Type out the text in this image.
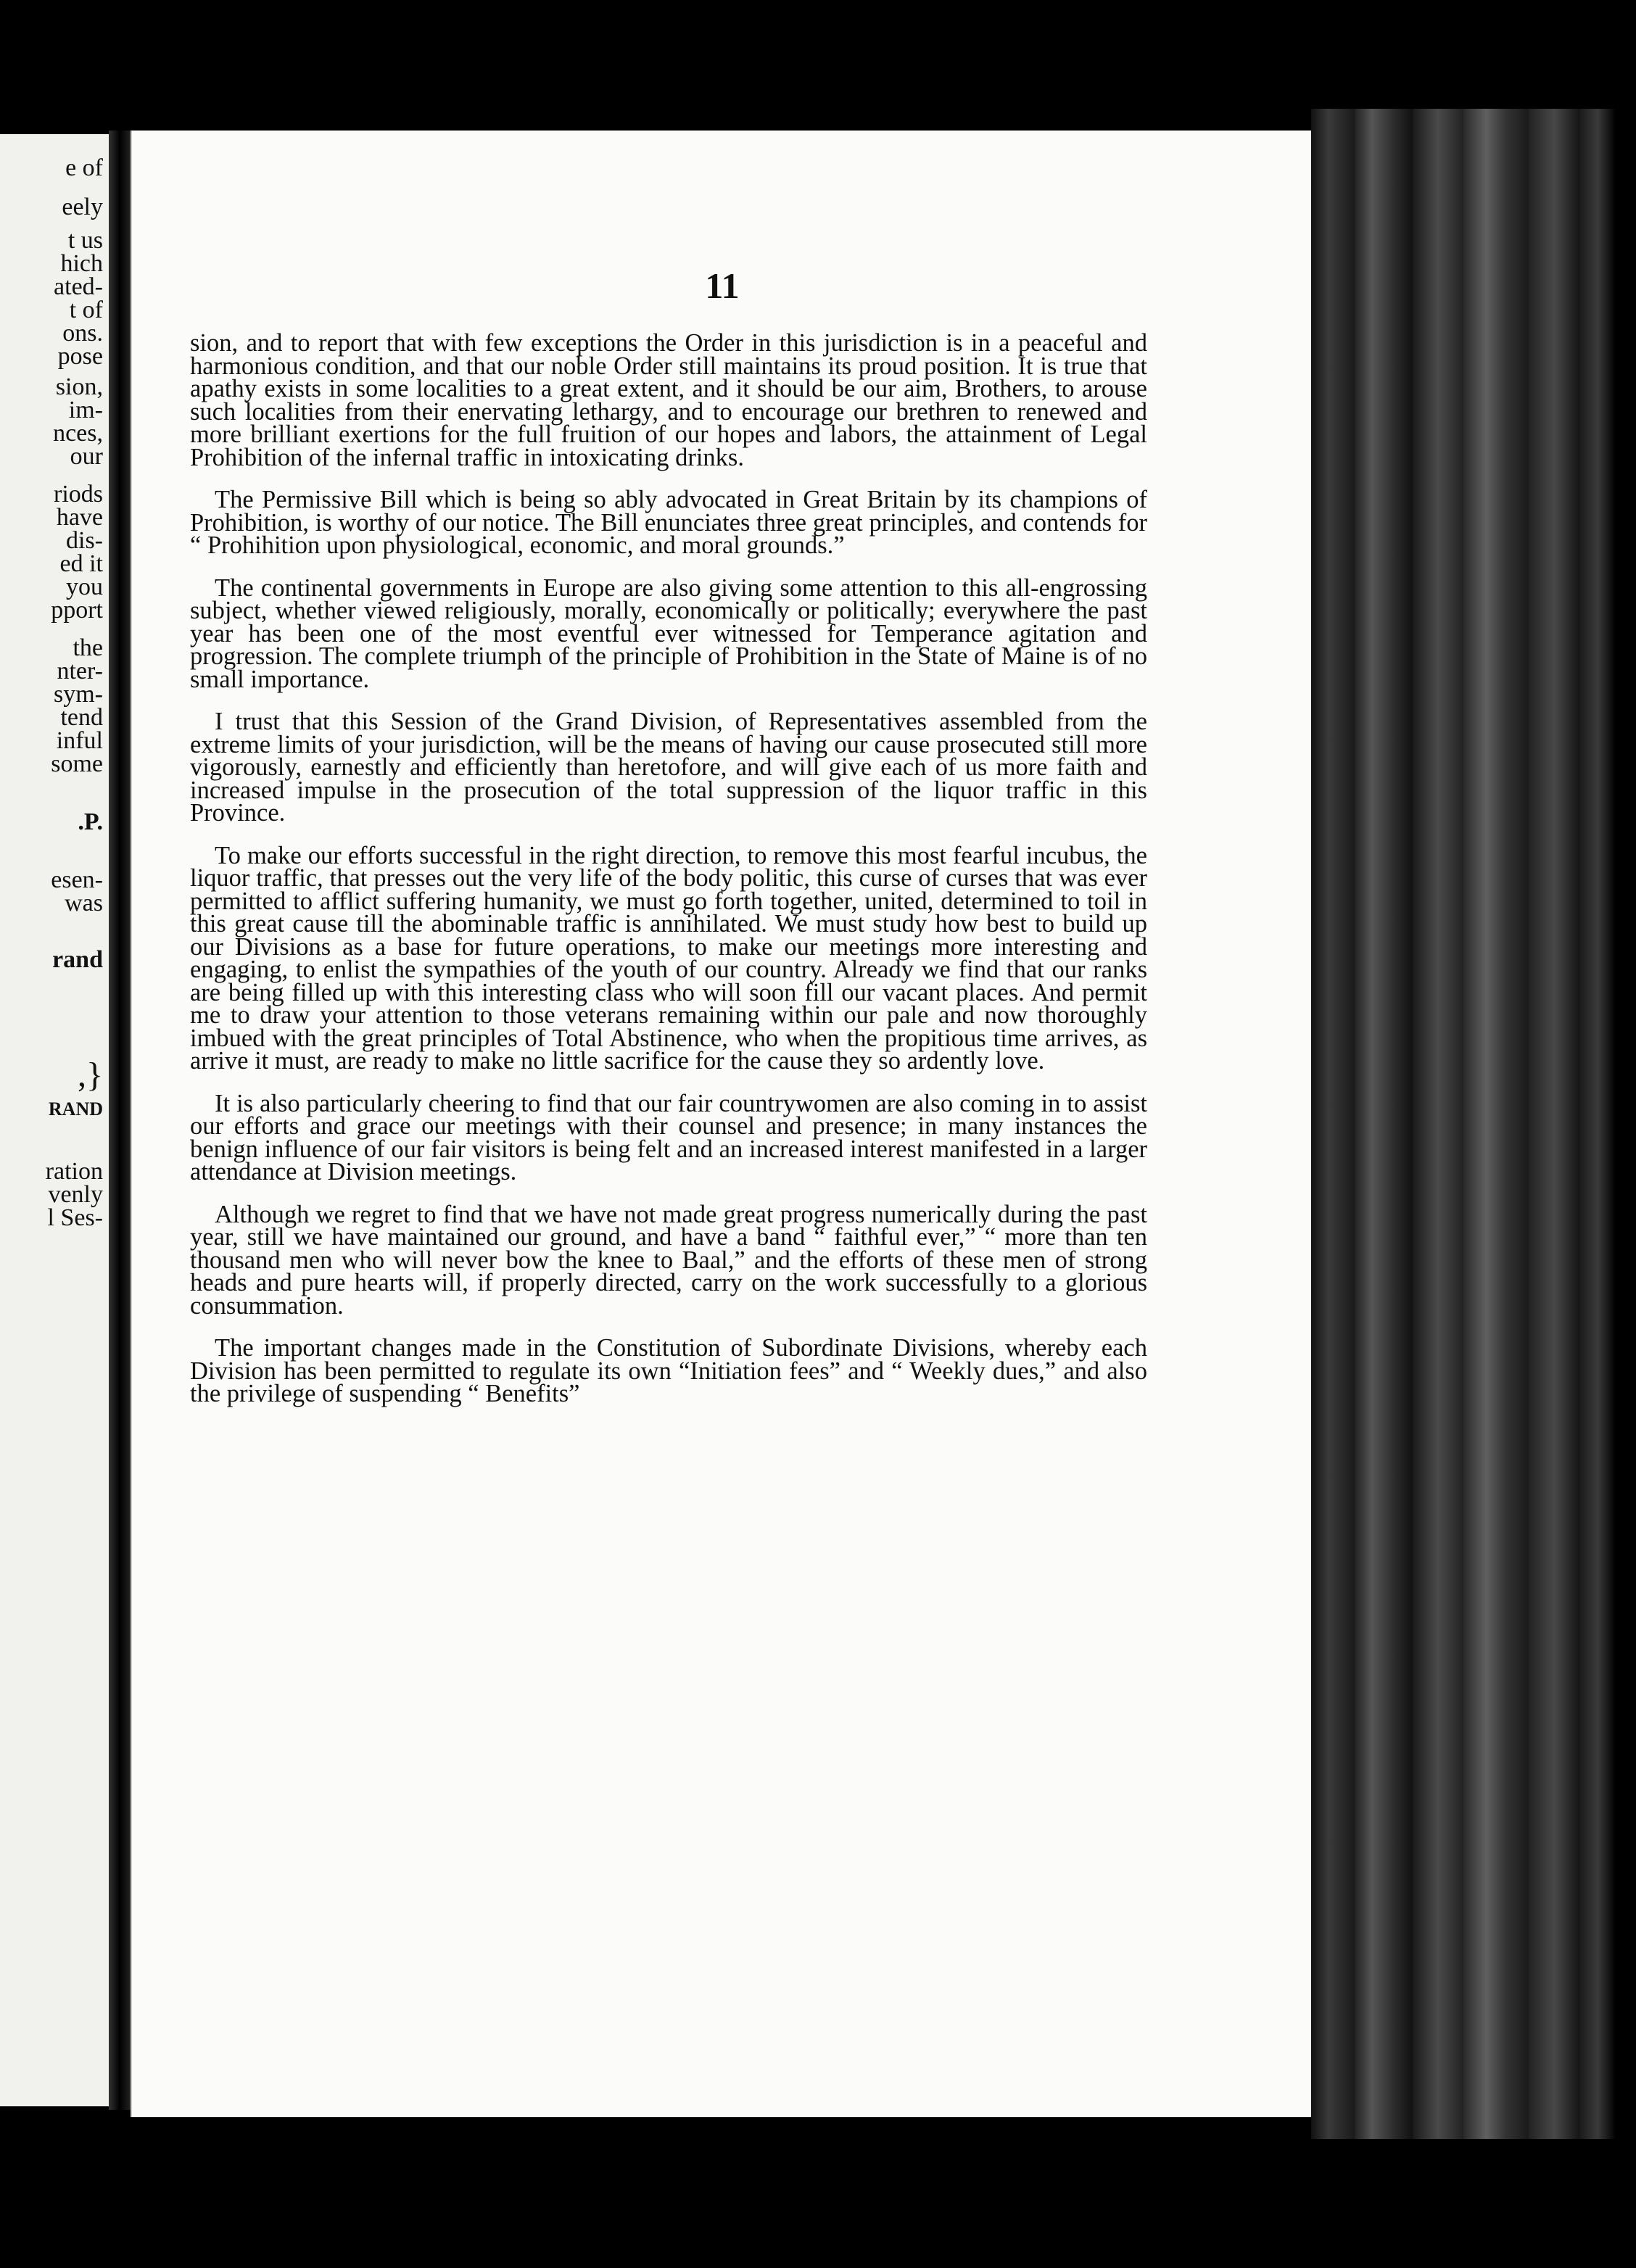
e of
eely
t us
hich
ated-
t of
ons.
pose
sion,
im-
nces,
our
riods
have
dis-
ed it
you
pport
the
nter-
sym-
tend
inful
some
.P.
esen-
was
rand
,}
RAND
ration
venly
l Ses-
11

sion, and to report that with few exceptions the Order in this jurisdiction is in a peaceful and harmonious condition, and that our noble Order still maintains its proud position. It is true that apathy exists in some localities to a great extent, and it should be our aim, Brothers, to arouse such localities from their enervating lethargy, and to encourage our brethren to renewed and more brilliant exertions for the full fruition of our hopes and labors, the attainment of Legal Prohibition of the infernal traffic in intoxicating drinks.

The Permissive Bill which is being so ably advocated in Great Britain by its champions of Prohibition, is worthy of our notice. The Bill enunciates three great principles, and contends for “ Prohihition upon physiological, economic, and moral grounds.”

The continental governments in Europe are also giving some attention to this all-engrossing subject, whether viewed religiously, morally, economically or politically; everywhere the past year has been one of the most eventful ever witnessed for Temperance agitation and progression. The complete triumph of the principle of Prohibition in the State of Maine is of no small importance.

I trust that this Session of the Grand Division, of Representatives assembled from the extreme limits of your jurisdiction, will be the means of having our cause prosecuted still more vigorously, earnestly and efficiently than heretofore, and will give each of us more faith and increased impulse in the prosecution of the total suppression of the liquor traffic in this Province.

To make our efforts successful in the right direction, to remove this most fearful incubus, the liquor traffic, that presses out the very life of the body politic, this curse of curses that was ever permitted to afflict suffering humanity, we must go forth together, united, determined to toil in this great cause till the abominable traffic is annihilated. We must study how best to build up our Divisions as a base for future operations, to make our meetings more interesting and engaging, to enlist the sympathies of the youth of our country. Already we find that our ranks are being filled up with this interesting class who will soon fill our vacant places. And permit me to draw your attention to those veterans remaining within our pale and now thoroughly imbued with the great principles of Total Abstinence, who when the propitious time arrives, as arrive it must, are ready to make no little sacrifice for the cause they so ardently love.

It is also particularly cheering to find that our fair countrywomen are also coming in to assist our efforts and grace our meetings with their counsel and presence; in many instances the benign influence of our fair visitors is being felt and an increased interest manifested in a larger attendance at Division meetings.

Although we regret to find that we have not made great progress numerically during the past year, still we have maintained our ground, and have a band “ faithful ever,” “ more than ten thousand men who will never bow the knee to Baal,” and the efforts of these men of strong heads and pure hearts will, if properly directed, carry on the work successfully to a glorious consummation.

The important changes made in the Constitution of Subordinate Divisions, whereby each Division has been permitted to regulate its own “Initiation fees” and “ Weekly dues,” and also the privilege of suspending “ Benefits”
